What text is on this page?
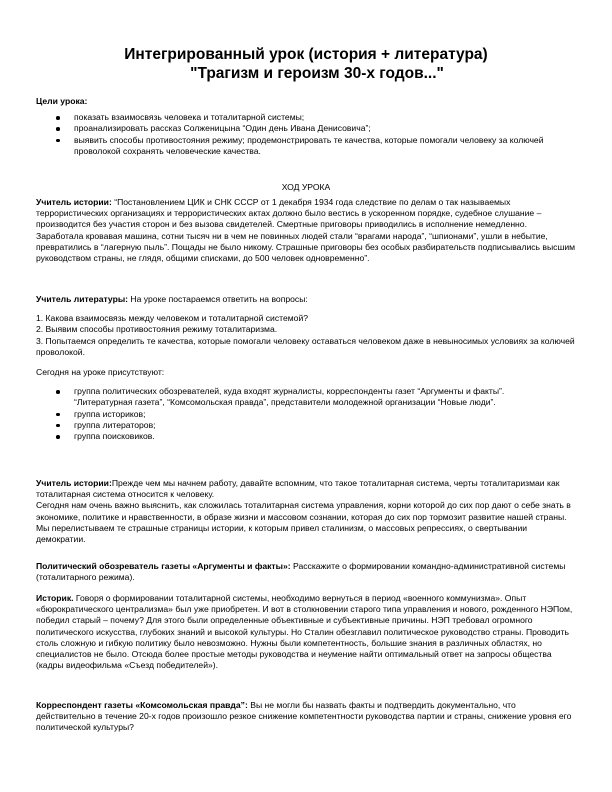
Интегрированный урок (история + литература)
"Трагизм и героизм 30-х годов..."

Цели урока:

показать взаимосвязь человека и тоталитарной системы;
проанализировать рассказ Солженицына “Один день Ивана Денисовича”;
выявить способы противостояния режиму; продемонстрировать те качества, которые помогали человеку за колючей проволокой сохранять человеческие качества.
ХОД УРОКА

Учитель истории: “Постановлением ЦИК и СНК СССР от 1 декабря 1934 года следствие по делам о так называемых террористических организациях и террористических актах должно было вестись в ускоренном порядке, судебное слушание – производится без участия сторон и без вызова свидетелей. Смертные приговоры приводились в исполнение немедленно. Заработала кровавая машина, сотни тысяч ни в чем не повинных людей стали “врагами народа”, “шпионами”, ушли в небытие, превратились в “лагерную пыль”. Пощады не было никому. Страшные приговоры без особых разбирательств подписывались высшим руководством страны, не глядя, общими списками, до 500 человек одновременно”.

Учитель литературы: На уроке постараемся ответить на вопросы:

1. Какова взаимосвязь между человеком и тоталитарной системой?

2. Выявим способы противостояния режиму тоталитаризма.

3. Попытаемся определить те качества, которые помогали человеку оставаться человеком даже в невыносимых условиях за колючей проволокой.

Сегодня на уроке присутствуют:

группа политических обозревателей, куда входят журналисты, корреспонденты газет “Аргументы и факты”. “Литературная газета”, “Комсомольская правда”, представители молодежной организации “Новые люди”.
группа историков;
группа литераторов;
группа поисковиков.

Учитель истории:Прежде чем мы начнем работу, давайте вспомним, что такое тоталитарная система, черты тоталитаризмаи как тоталитарная система относится к человеку.

Сегодня нам очень важно выяснить, как сложилась тоталитарная система управления, корни которой до сих пор дают о себе знать в экономике, политике и нравственности, в образе жизни и массовом сознании, которая до сих пор тормозит развитие нашей страны. Мы перелистываем те страшные страницы истории, к которым привел сталинизм, о массовых репрессиях, о свертывании демократии.

Политический обозреватель газеты «Аргументы и факты»: Расскажите о формировании командно-административной системы (тоталитарного режима).

Историк. Говоря о формировании тоталитарной системы, необходимо вернуться в период «военного коммунизма». Опыт «бюрократического централизма» был уже приобретен. И вот в столкновении старого типа управления и нового, рожденного НЭПом, победил старый – почему? Для этого были определенные объективные и субъективные причины. НЭП требовал огромного политического искусства, глубоких знаний и высокой культуры. Но Сталин обезглавил политическое руководство страны. Проводить столь сложную и гибкую политику было невозможно. Нужны были компетентность, большие знания в различных областях, но специалистов не было. Отсюда более простые методы руководства и неумение найти оптимальный ответ на запросы общества (кадры видеофильма «Съезд победителей»).

Корреспондент газеты «Комсомольская правда”: Вы не могли бы назвать факты и подтвердить документально, что действительно в течение 20-х годов произошло резкое снижение компетентности руководства партии и страны, снижение уровня его политической культуры?
